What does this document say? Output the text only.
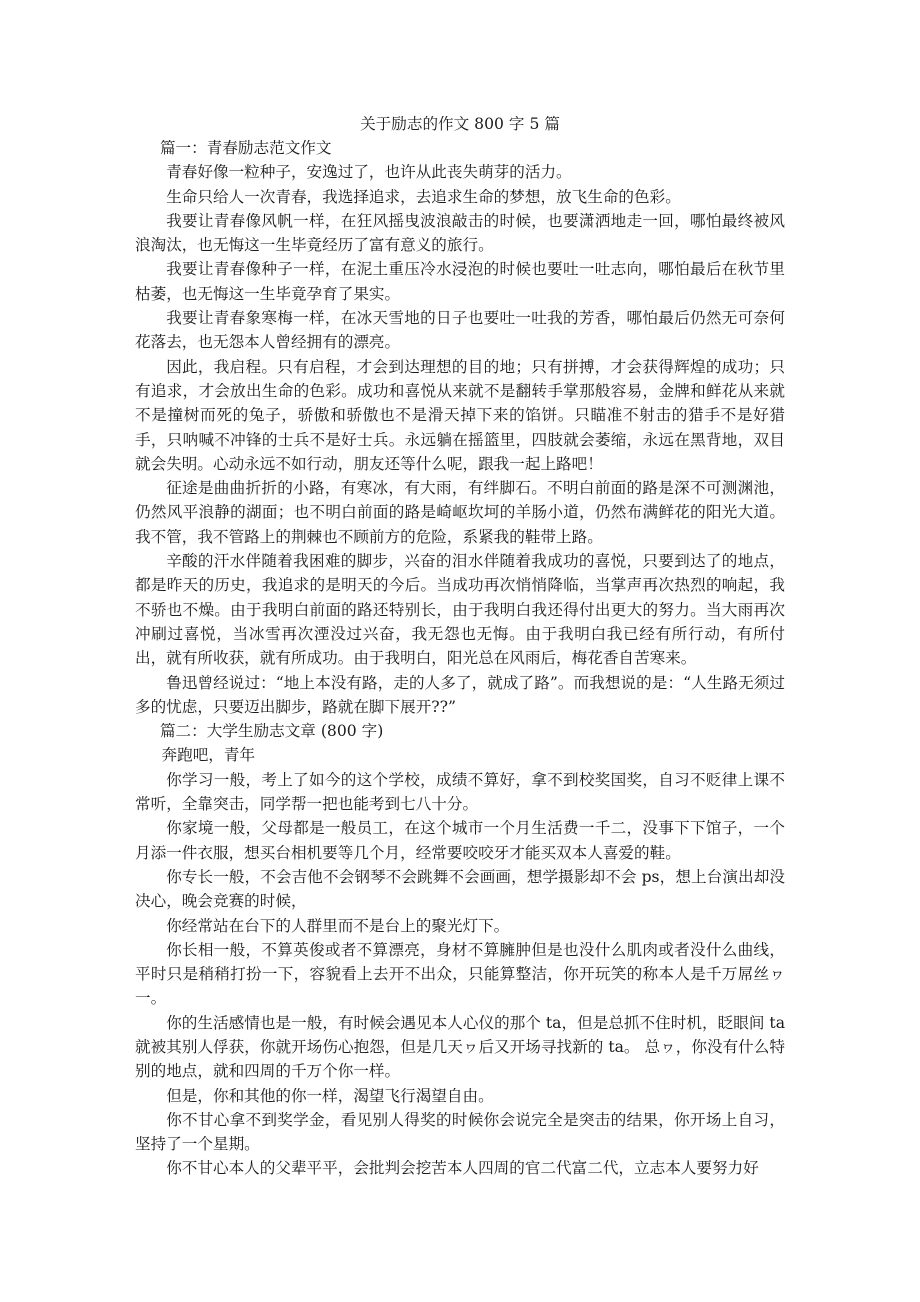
关于励志的作文 800 字 5 篇

篇一：青春励志范文作文

青春好像一粒种子，安逸过了，也许从此丧失萌芽的活力。

生命只给人一次青春，我选择追求，去追求生命的梦想，放飞生命的色彩。

我要让青春像风帆一样，在狂风摇曳波浪敲击的时候，也要潇洒地走一回，哪怕最终被风浪淘汰，也无悔这一生毕竟经历了富有意义的旅行。

我要让青春像种子一样，在泥土重压冷水浸泡的时候也要吐一吐志向，哪怕最后在秋节里枯萎，也无悔这一生毕竟孕育了果实。

我要让青春象寒梅一样，在冰天雪地的日子也要吐一吐我的芳香，哪怕最后仍然无可奈何花落去，也无怨本人曾经拥有的漂亮。

因此，我启程。只有启程，才会到达理想的目的地；只有拼搏，才会获得辉煌的成功；只有追求，才会放出生命的色彩。成功和喜悦从来就不是翻转手掌那般容易，金牌和鲜花从来就不是撞树而死的兔子，骄傲和骄傲也不是滑天掉下来的馅饼。只瞄准不射击的猎手不是好猎手，只呐喊不冲锋的士兵不是好士兵。永远躺在摇篮里，四肢就会萎缩，永远在黑背地，双目就会失明。心动永远不如行动，朋友还等什么呢，跟我一起上路吧！

征途是曲曲折折的小路，有寒冰，有大雨，有绊脚石。不明白前面的路是深不可测渊池，仍然风平浪静的湖面；也不明白前面的路是崎岖坎坷的羊肠小道，仍然布满鲜花的阳光大道。我不管，我不管路上的荆棘也不顾前方的危险，系紧我的鞋带上路。

辛酸的汗水伴随着我困难的脚步，兴奋的泪水伴随着我成功的喜悦，只要到达了的地点，都是昨天的历史，我追求的是明天的今后。当成功再次悄悄降临，当掌声再次热烈的响起，我不骄也不燥。由于我明白前面的路还特别长，由于我明白我还得付出更大的努力。当大雨再次冲刷过喜悦，当冰雪再次湮没过兴奋，我无怨也无悔。由于我明白我已经有所行动，有所付出，就有所收获，就有所成功。由于我明白，阳光总在风雨后，梅花香自苦寒来。

鲁迅曾经说过：“地上本没有路，走的人多了，就成了路”。而我想说的是：“人生路无须过多的忧虑，只要迈出脚步，路就在脚下展开??”

篇二：大学生励志文章 (800 字)

奔跑吧，青年

你学习一般，考上了如今的这个学校，成绩不算好，拿不到校奖国奖，自习不贬律上课不常听，全靠突击，同学帮一把也能考到七八十分。

你家境一般，父母都是一般员工，在这个城市一个月生活费一千二，没事下下馆子，一个月添一件衣服，想买台相机要等几个月，经常要咬咬牙才能买双本人喜爱的鞋。

你专长一般，不会吉他不会钢琴不会跳舞不会画画，想学摄影却不会 ps，想上台演出却没决心，晚会竞赛的时候，

你经常站在台下的人群里而不是台上的聚光灯下。

你长相一般，不算英俊或者不算漂亮，身材不算臃肿但是也没什么肌肉或者没什么曲线，平时只是稍稍打扮一下，容貌看上去开不出众，只能算整洁，你开玩笑的称本人是千万屌丝ヮ一。

你的生活感情也是一般，有时候会遇见本人心仪的那个 ta，但是总抓不住时机，眨眼间 ta 就被其别人俘获，你就开场伤心抱怨，但是几天ヮ后又开场寻找新的 ta。 总ヮ，你没有什么特别的地点，就和四周的千万个你一样。

但是，你和其他的你一样，渴望飞行渴望自由。

你不甘心拿不到奖学金，看见别人得奖的时候你会说完全是突击的结果，你开场上自习，坚持了一个星期。

你不甘心本人的父辈平平，会批判会挖苦本人四周的官二代富二代，立志本人要努力好
